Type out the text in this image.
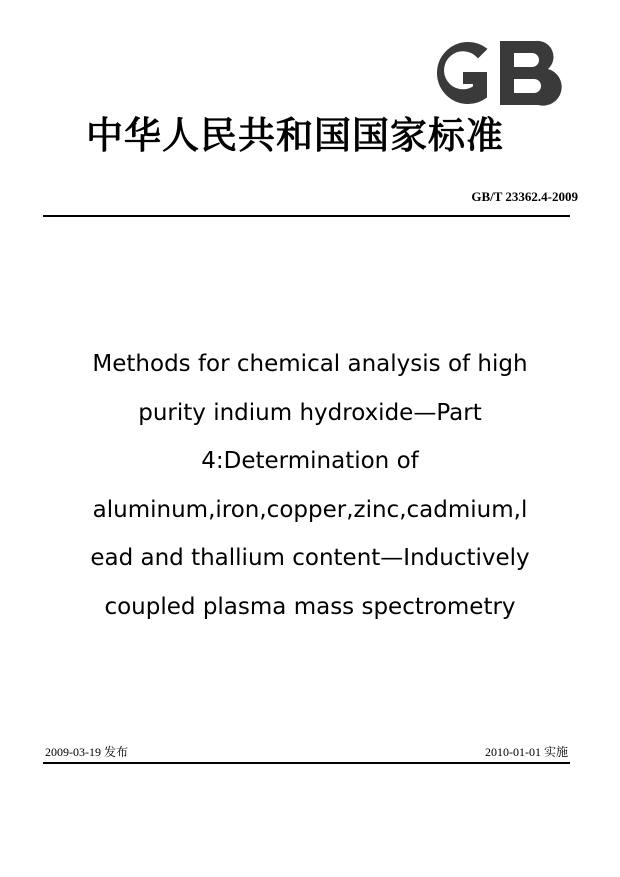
中华人民共和国国家标准
GB/T 23362.4-2009
Methods for chemical analysis of high
purity indium hydroxide—Part
4:Determination of
aluminum,iron,copper,zinc,cadmium,l
ead and thallium content—Inductively
coupled plasma mass spectrometry
2009-03-19 发布	2010-01-01 实施
